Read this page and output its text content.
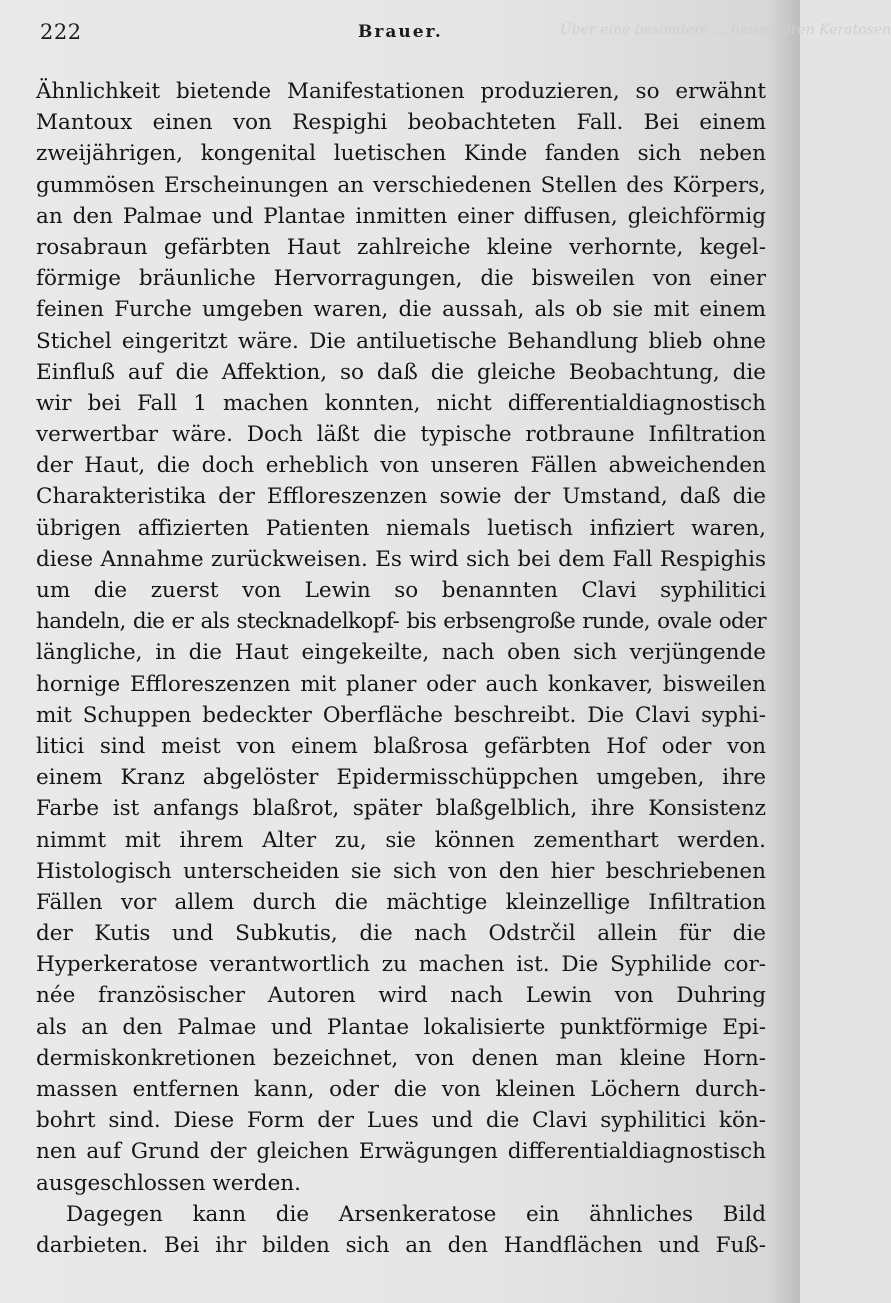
222	Brauer.	Über eine besondere ... hereditären Keratosen
Ähnlichkeit bietende Manifestationen produzieren, so erwähnt
Mantoux einen von Respighi beobachteten Fall. Bei einem
zweijährigen, kongenital luetischen Kinde fanden sich neben
gummösen Erscheinungen an verschiedenen Stellen des Körpers,
an den Palmae und Plantae inmitten einer diffusen, gleichförmig
rosabraun gefärbten Haut zahlreiche kleine verhornte, kegel-
förmige bräunliche Hervorragungen, die bisweilen von einer
feinen Furche umgeben waren, die aussah, als ob sie mit einem
Stichel eingeritzt wäre. Die antiluetische Behandlung blieb ohne
Einfluß auf die Affektion, so daß die gleiche Beobachtung, die
wir bei Fall 1 machen konnten, nicht differentialdiagnostisch
verwertbar wäre. Doch läßt die typische rotbraune Infiltration
der Haut, die doch erheblich von unseren Fällen abweichenden
Charakteristika der Effloreszenzen sowie der Umstand, daß die
übrigen affizierten Patienten niemals luetisch infiziert waren,
diese Annahme zurückweisen. Es wird sich bei dem Fall Respighis
um die zuerst von Lewin so benannten Clavi syphilitici
handeln, die er als stecknadelkopf- bis erbsengroße runde, ovale oder
längliche, in die Haut eingekeilte, nach oben sich verjüngende
hornige Effloreszenzen mit planer oder auch konkaver, bisweilen
mit Schuppen bedeckter Oberfläche beschreibt. Die Clavi syphi-
litici sind meist von einem blaßrosa gefärbten Hof oder von
einem Kranz abgelöster Epidermisschüppchen umgeben, ihre
Farbe ist anfangs blaßrot, später blaßgelblich, ihre Konsistenz
nimmt mit ihrem Alter zu, sie können zementhart werden.
Histologisch unterscheiden sie sich von den hier beschriebenen
Fällen vor allem durch die mächtige kleinzellige Infiltration
der Kutis und Subkutis, die nach Odstrčil allein für die
Hyperkeratose verantwortlich zu machen ist. Die Syphilide cor-
née französischer Autoren wird nach Lewin von Duhring
als an den Palmae und Plantae lokalisierte punktförmige Epi-
dermiskonkretionen bezeichnet, von denen man kleine Horn-
massen entfernen kann, oder die von kleinen Löchern durch-
bohrt sind. Diese Form der Lues und die Clavi syphilitici kön-
nen auf Grund der gleichen Erwägungen differentialdiagnostisch
ausgeschlossen werden.
Dagegen kann die Arsenkeratose ein ähnliches Bild
darbieten. Bei ihr bilden sich an den Handflächen und Fuß-
